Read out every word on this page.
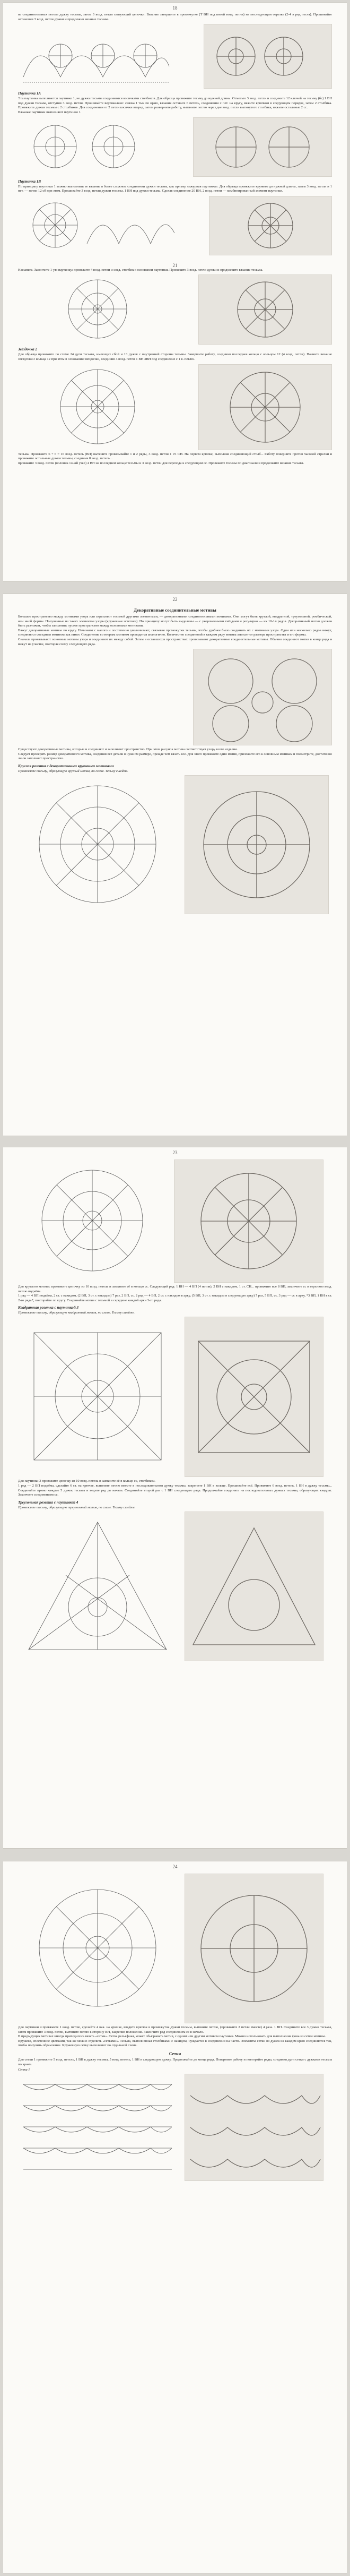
18

из соединительных петель дужку тесьмы, затем 3 возд. петли связующий цепочки. Вязание завершите в промежутке (Т ВН под пятой возд. петли) на последующем отрезке (2-4 в ряд петля). Прошивайте остановив 3 возд. петли дужки и продолжив вязание тесьмы.

Паутинка 1А

Эта паутинка выполняется паутинке 1, но дужки тесьмы соединяются косичками столбиков. Для образца провяжите тесьму до нужной длины. Отметьте 3 возд. петли и соедините 12 ключей на тесьму (бг) 1 ВН под дужки тесьмы, отступив 3 возд. петли. Прошивайте вертикально: связка 1 тык по краю, вязания оставьте 6 петель, соединения 2 пет. на кругу, вяжите крючком в следующем порядке, затем 2 столбика. Провяжите дужки тесьмы с 2 столбиков. Для соединения от 2 петли косички вперед, затем разверните работу, вытяните петлю через две возд. петли вытянутого столбика, вяжите остальные 2 сс.

Вязаные паутинки выполняют паутинки 1.

Паутинка 1В

По принципу паутинки 1 можно выполнить ее вязание в более сложном соединении дужки тесьмы, как пример «ажурная паутинка». Для образца провяжите кружево до нужной длины, затем 3 возд. петли и 1 пет. — петли 12 сб при этом. Прошивайте 3 возд. петли дужки тесьмы, 1 ВН под дужки тесьмы. Сделав соединение 20 ВН, 2 возд. петли — комбинированный элемент паутинки.

21

Насыпьте. Закончите 1-ую паутинку: провяжите 4 возд. петли и соед. столбик в основании паутинки. Провяжите 3 возд. петли дужки и продолжите вязание тесьмы.

Звёздочка 2

Для образца провяжите по схеме 24 дуги тесьмы, имеющих сбой и 13 дужек с внутренней стороны тесьмы. Завершите работу, соединив последнее кольцо с кольцом 12 (4 возд. петли). Начните вязание звёздочки с кольца 12 при этом в основании звёздочки, соединив 4 возд. петли 1 ВН 3ВН под соединение с 1 в. петлю.

Тесьма. Провяжите 6 + 6 = 16 возд. петель (ВП) вытяните провязывайте 1 и 2 ряды, 3 возд. петли 1 ст. СН. На первом крючке, выполняя соединяющий столб... Работу поверните против часовой стрелки и провяжите остальные дужки тесьмы, соединив 8 возд. петель...

провяжите 3 возд. петли (колонна 14-ый узел) 4 ВН на последнем кольце тесьмы и 3 возд. петли для перехода к следующим сс. Провяжите тесьмы по диагонали и продолжите вязание тесьмы.

22
Декоративные соединительные мотивы

Большое пространство между мотивами узора или скрепляют тесьмой другими элементами, — декоративными соединительными мотивами. Они могут быть круглой, квадратной, треугольной, ромбической, или иной формы. Полученные из таких элементов узоры (кружевная эстетика). По принципу могут быть выделены — с укороченными гнёздами и регулярно — их 10-14 рядов. Декоративный мотив должен быть разложен, чтобы заполнить пустое пространство между основными мотивами.

Вяжут декоративные мотивы по кругу. Начинают с малого и постепенно увеличивают, связывая промежутки тесьмы, чтобы удобнее было соединить их с мотивами узора. Один или несколько рядов вяжут, соединяя со соседним мотивом как пикот. Соединение со вторым мотивом проводится аналогично. Количество соединений в каждом ряду мотива зависит от размера пространства и его формы.

Сначала провязывают основные мотивы узора и соединяют их между собой. Затем в оставшихся пространствах провязывают декоративные соединительные мотивы. Обычно соединяют мотив в конце ряда и вяжут на участке, повторяя схему следующего ряда.

Существуют декоративные мотивы, которые и соединяют и заполняют пространство. При этом рисунок мотива соответствует узору всего изделия.

Следует проверять размер декоративного мотива, соединив всё детали в нужном размере, прежде чем вязать все. Для этого провяжите один мотив, приложите его к основным мотивам и посмотрите, достаточно ли он заполняет пространство.

Круглая розетка с декоративными крупными мотивами

Провяжите тесьму, образующую круглый мотив, по схеме. Тесьму сшейте.

23

Для круглого мотива: провяжите цепочку из 10 возд. петель и замкните её в кольцо сс. Следующий ряд: 1 ВН — 4 ВП (4 петли), 2 ВН с накидом, 1 ст. СН... провяжите все 8 ВП, закончите сс в верхнюю возд. петлю подъёма.

1 ряд — 4 ВП подъёма, 2 ст. с накидом, (2 ВП, 3 ст. с накидом) 7 раз, 2 ВП, сс. 2 ряд — 4 ВП, 2 ст. с накидом в арку, (5 ВП, 3 ст. с накидом в следующую арку) 7 раз, 5 ВП, сс. 3 ряд — сс в арку, *3 ВП, 1 ВН в ст. 2-го ряда*, повторяйте по кругу. Соединяйте мотив с тесьмой в середине каждой арки 3-го ряда.

Квадратная розетка с паутинкой 3

Провяжите тесьму, образующую квадратный мотив, по схеме. Тесьму сшейте.

Для паутинки 3 провяжите цепочку из 10 возд. петель и замкните её в кольцо сс, столбиком.

1 ряд — 2 ВП подъёма, сделайте 6 ст. на крючке, вытяните петлю вместе в последовательном дужку тесьмы, закрепите 1 ВН в кольце. Прошивайте всё. Провяжите 6 возд. петель, 1 ВН в дужку тесьмы... Соединяйте прямо каждые 5 дужек тесьмы и ведите ряд до начала. Соединяйте второй раз с 1 ВН следующего ряда. Продолжайте соединять на последовательных дужках тесьмы, образующих квадрат. Закончите соединением сс.

Треугольная розетка с паутинкой 4

Провяжите тесьму, образующую треугольный мотив, по схеме. Тесьму сшейте.

24

Для паутинки 4 провяжите 1 возд. петлю, сделайте 4 нак. на крючке, введите крючок в промежуток дужки тесьмы, вытяните петлю, (провяжите 2 петли вместе) 4 раза. 1 ВП. Соедините все 3 дужки тесьмы, затем провяжите 3 возд. петли, вытяните петлю в сторону ВН, закрепив положение. Закончите ряд соединением сс в начало.

В предыдущих мотивах иногда приходилось вязать «сетки». Сетка рельефная, может обыгрывать мотив, с одним или другим мотивом паутинки. Можно использовать для выполнения фона из сетки мотивы.

Кружево, сплетенное цветками, так же можно отделить «сетками». Тесьма, выполненная столбиками с накидом, нуждается в соединении на части. Элементы сетки из дужек на каждом краю соединяются так, чтобы получить обрамление. Кружевную сетку выполняют по отдельной схеме.

Сетки

Для сетки 1 провяжите 5 возд. петель, 1 ВН в дужку тесьмы, 5 возд. петель, 1 ВН в следующую дужку. Продолжайте до конца ряда. Поверните работу и повторяйте ряды, соединяя дуги сетки с дужками тесьмы по краям.

Сетка 1
